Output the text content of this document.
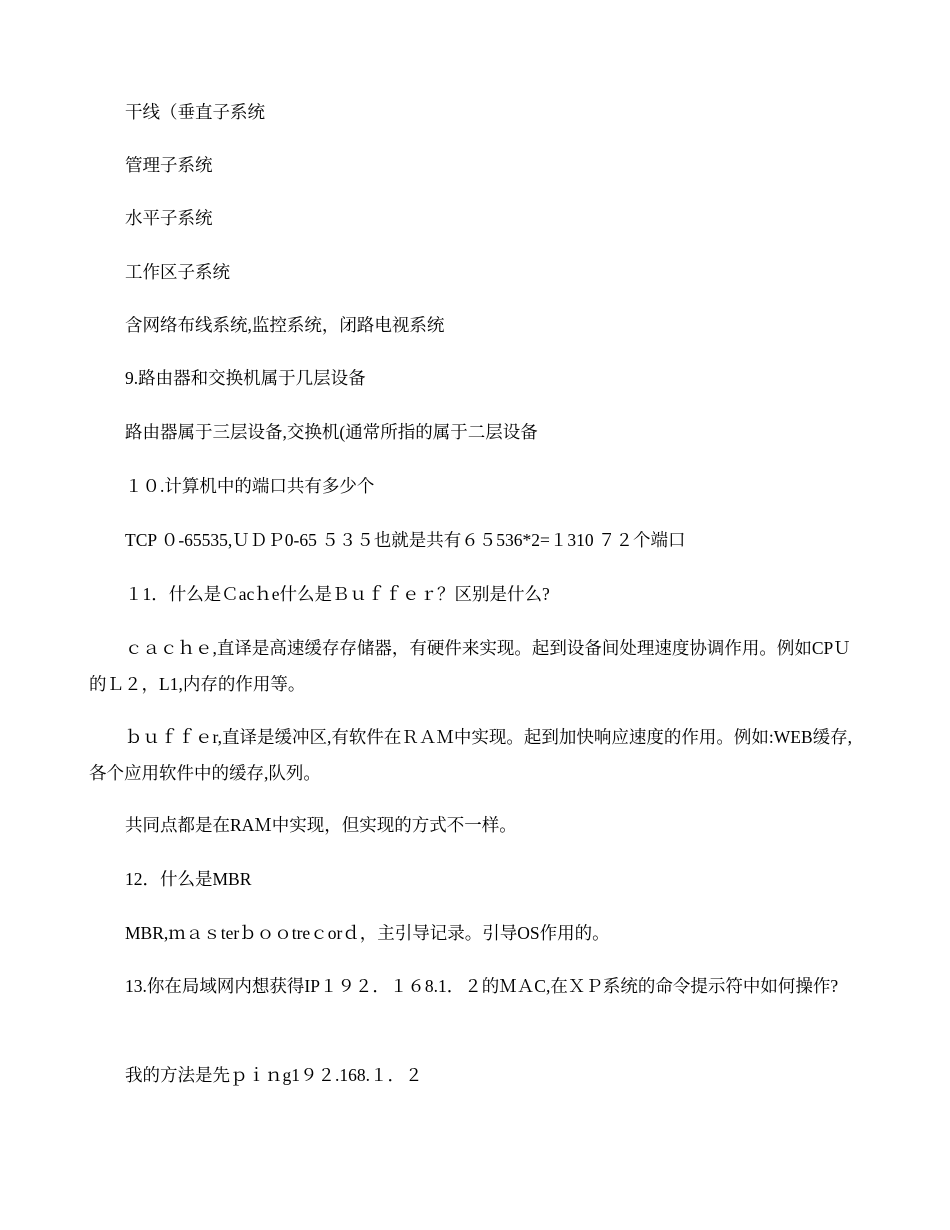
干线（垂直子系统

管理子系统

水平子系统

工作区子系统

含网络布线系统,监控系统，闭路电视系统

9.路由器和交换机属于几层设备

路由器属于三层设备,交换机(通常所指的属于二层设备

１０.计算机中的端口共有多少个

TCP ０-65535,ＵＤＰ0-65 ５３５也就是共有６５536*2=１310 ７２个端口

１1．什么是Ｃacｈe什么是Ｂｕｆｆｅｒ？区别是什么?

ｃａｃｈｅ,直译是高速缓存存储器，有硬件来实现。起到设备间处理速度协调作用。例如CPＵ的Ｌ２，L1,内存的作用等。

ｂｕｆｆｅr,直译是缓冲区,有软件在ＲＡＭ中实现。起到加快响应速度的作用。例如:WEB缓存,各个应用软件中的缓存,队列。

共同点都是在RAＭ中实现，但实现的方式不一样。

12．什么是MBR

MBR,ｍａｓterｂｏｏtreｃorｄ，主引导记录。引导OS作用的。

13.你在局域网内想获得IP１９２．１６8.1．２的ＭＡC,在ＸＰ系统的命令提示符中如何操作?

我的方法是先ｐｉｎg1９２.168.１．２
